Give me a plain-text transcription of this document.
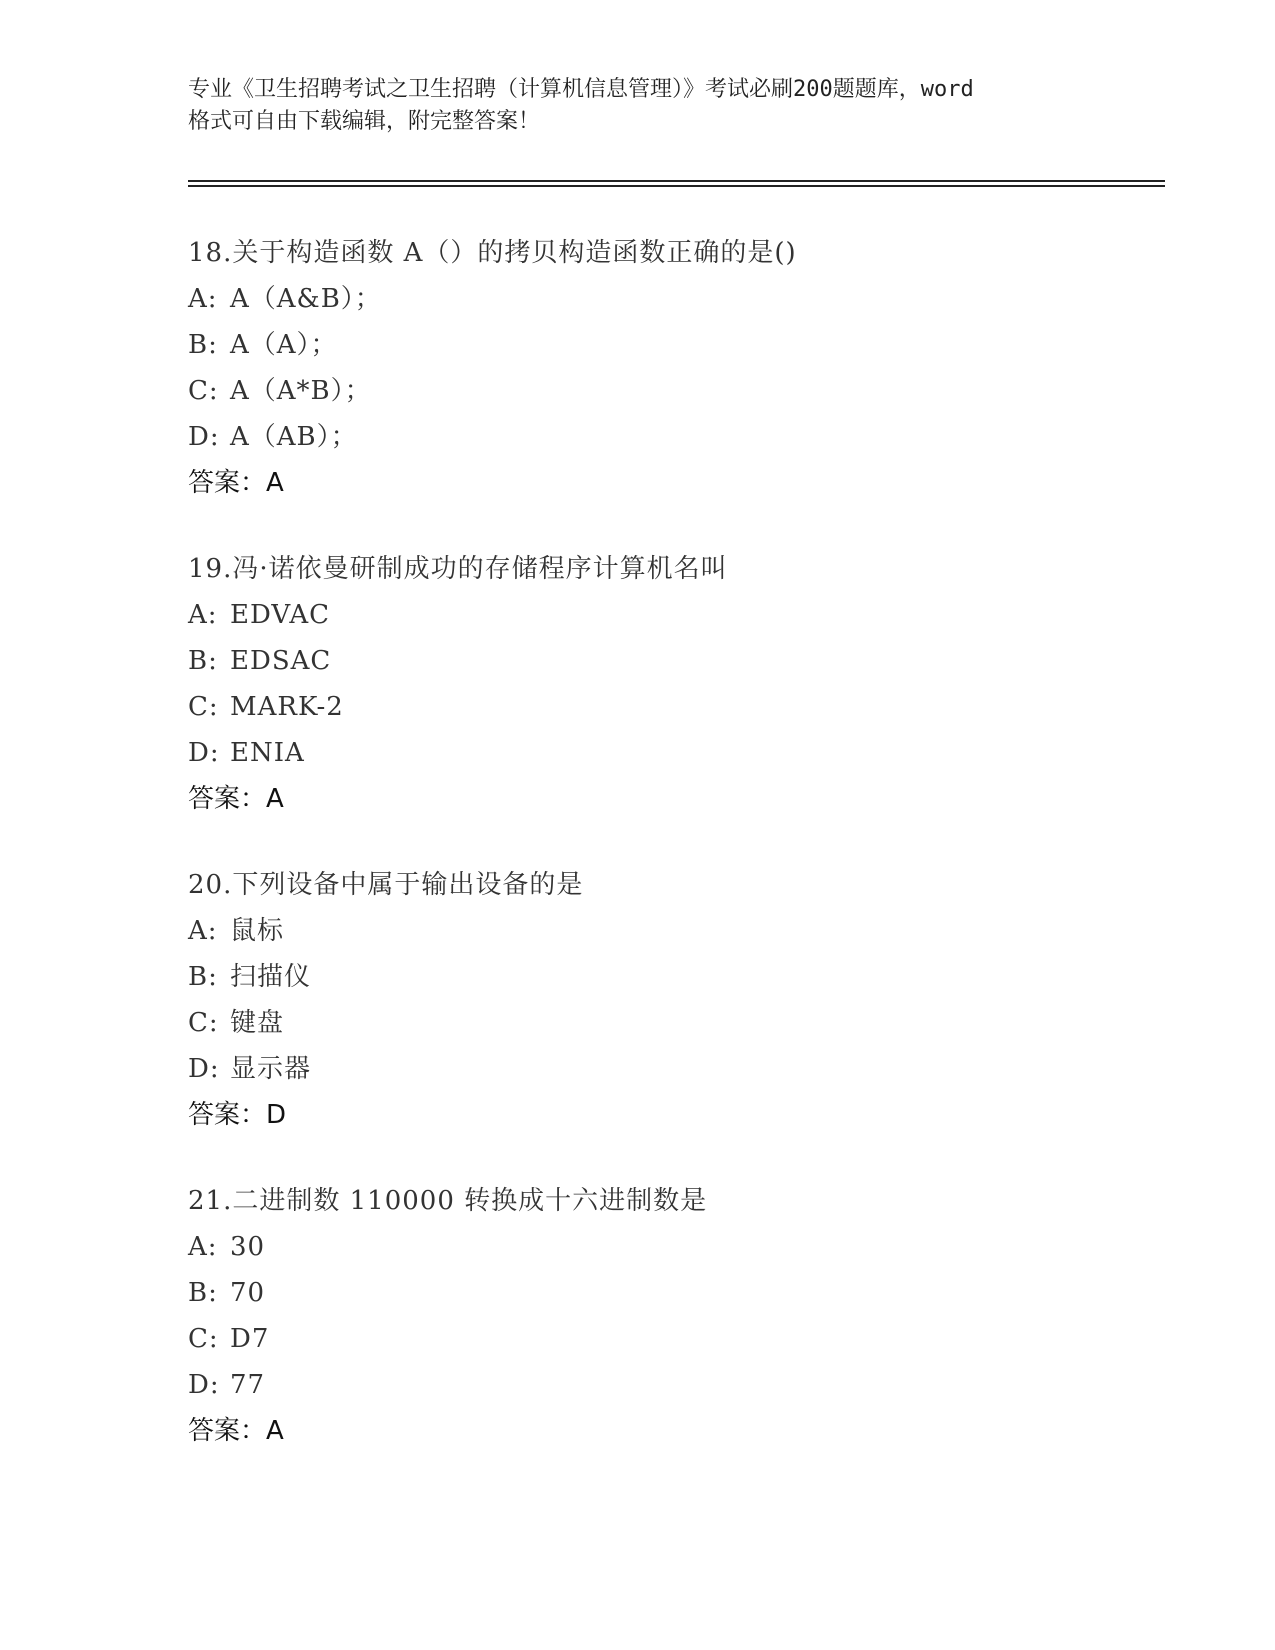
专业《卫生招聘考试之卫生招聘（计算机信息管理）》考试必刷200题题库，word
格式可自由下载编辑，附完整答案！
18.关于构造函数 A（）的拷贝构造函数正确的是()
A: A（A&B）；
B: A（A）；
C: A（A*B）；
D: A（AB）；
答案：A
19.冯·诺依曼研制成功的存储程序计算机名叫
A: EDVAC
B: EDSAC
C: MARK-2
D: ENIA
答案：A
20.下列设备中属于输出设备的是
A: 鼠标
B: 扫描仪
C: 键盘
D: 显示器
答案：D
21.二进制数 110000 转换成十六进制数是
A: 30
B: 70
C: D7
D: 77
答案：A
